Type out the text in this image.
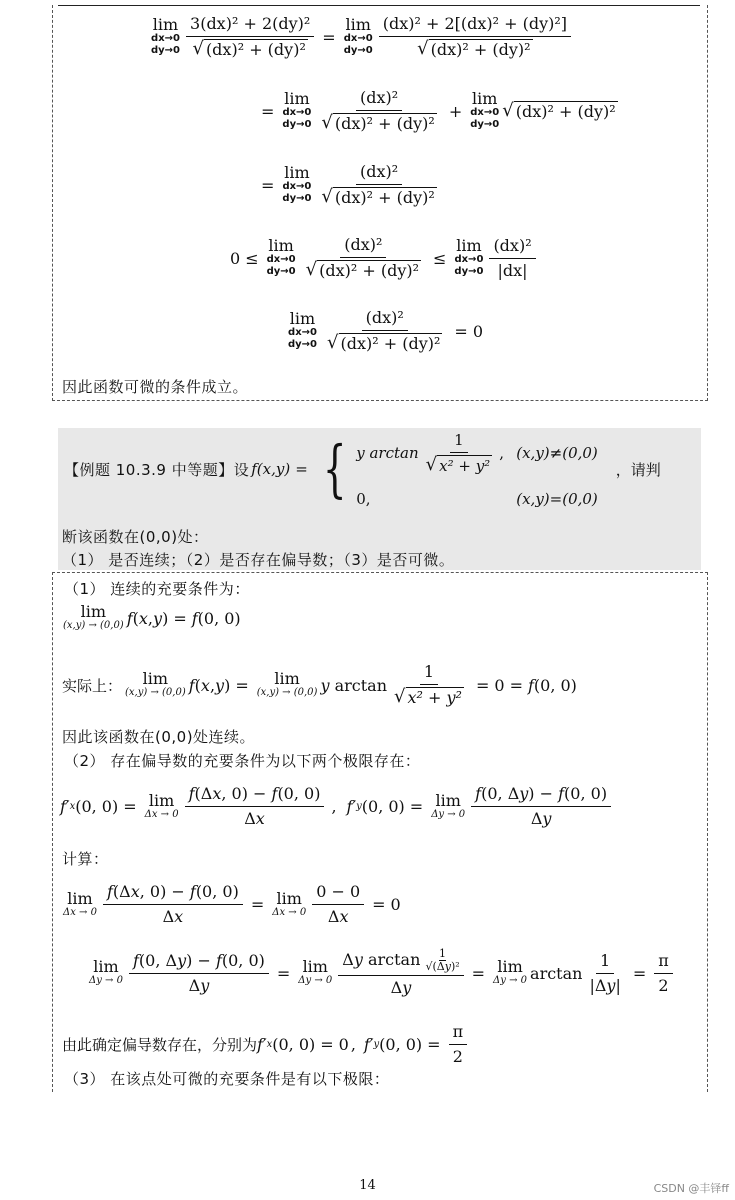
lim
dx→0
$dy\to 0 \frac{\text{3(dx)² + 2(dy)²}}{\text{√ (dx)² + (dy)²}}$ =
lim
dx→0
$dy\to 0 \frac{\text{(dx)² + 2[(dx)² + (dy)²]}}{\text{√ (dx)² + (dy)²}}$
=
lim
dx→0
$dy\to 0 \frac{\text{(dx)²}}{\text{√ (dx)² + (dy)²}}$ +
lim
dx→0
dy→0
√ (dx)² + (dy)²
=
lim
dx→0
$dy\to 0 \frac{\text{(dx)²}}{\text{√ (dx)² + (dy)²}}$
0 ≤
lim
dx→0
$dy\to 0 \frac{\text{(dx)²}}{\text{√ (dx)² + (dy)²}}$ ≤
lim
dx→0
$dy\to 0 \frac{\text{(dx)²}}{|dx|}$
lim
dx→0
$dy\to 0 \frac{\text{(dx)²}}{\text{√ (dx)² + (dy)²}} = 0$
因此函数可微的条件成立。
【例题 10.3.9 中等题】设 f(x,y) = { y $\arctan \frac{1}{\text{√ x² + y²}}$ , (x,y)≠(0,0)
0,	(x,y)=(0,0)
，请判
断该函数在(0,0)处：
（1） 是否连续；（2）是否存在偏导数；（3）是否可微。
（1） 连续的充要条件为：
lim
(x,y) → (0,0) f ( x , y ) = f (0, 0)
实际上： lim
(x,y) → (0,0) f ( x , y ) = lim
(x,y) → (0,0) y $\arctan \frac{1}{\text{√ x² + y²}} = 0 = f$ (0, 0)
因此该函数在(0,0)处连续。
（2） 存在偏导数的充要条件为以下两个极限存在：
f′ x (0, 0) = lim
$\Delta x \to 0 \frac{f(\Delta x, 0) - f(0, 0)}{\Delta x}$ , f′ y (0, 0) = lim
$\Delta y \to 0 \frac{f(0, \Delta y) - f(0, 0)}{\Delta y}$
计算：
lim
$\Delta x \to 0 \frac{f(\Delta x, 0) - f(0, 0)}{\Delta x} = \lim$
$\Delta x \to 0 \frac{0 - 0}{\Delta x} = 0$
lim
$\Delta y \to 0 \frac{f(0, \Delta y) - f(0, 0)}{\Delta y} = \lim$
$\Delta y \to 0 \frac{\Delta y \arctan \frac{1}{\text{√(Δy)²}}}{\Delta y} = \lim$
Δy → 0 $\arctan \frac{1}{|\Delta y|} = \frac{\pi}{2}$
由此确定偏导数存在，分别为 f′ x (0, 0) = 0 , f′ y (0, $0) = \frac{\pi}{2}$
（3） 在该点处可微的充要条件是有以下极限：
14	CSDN @丰铎ff
